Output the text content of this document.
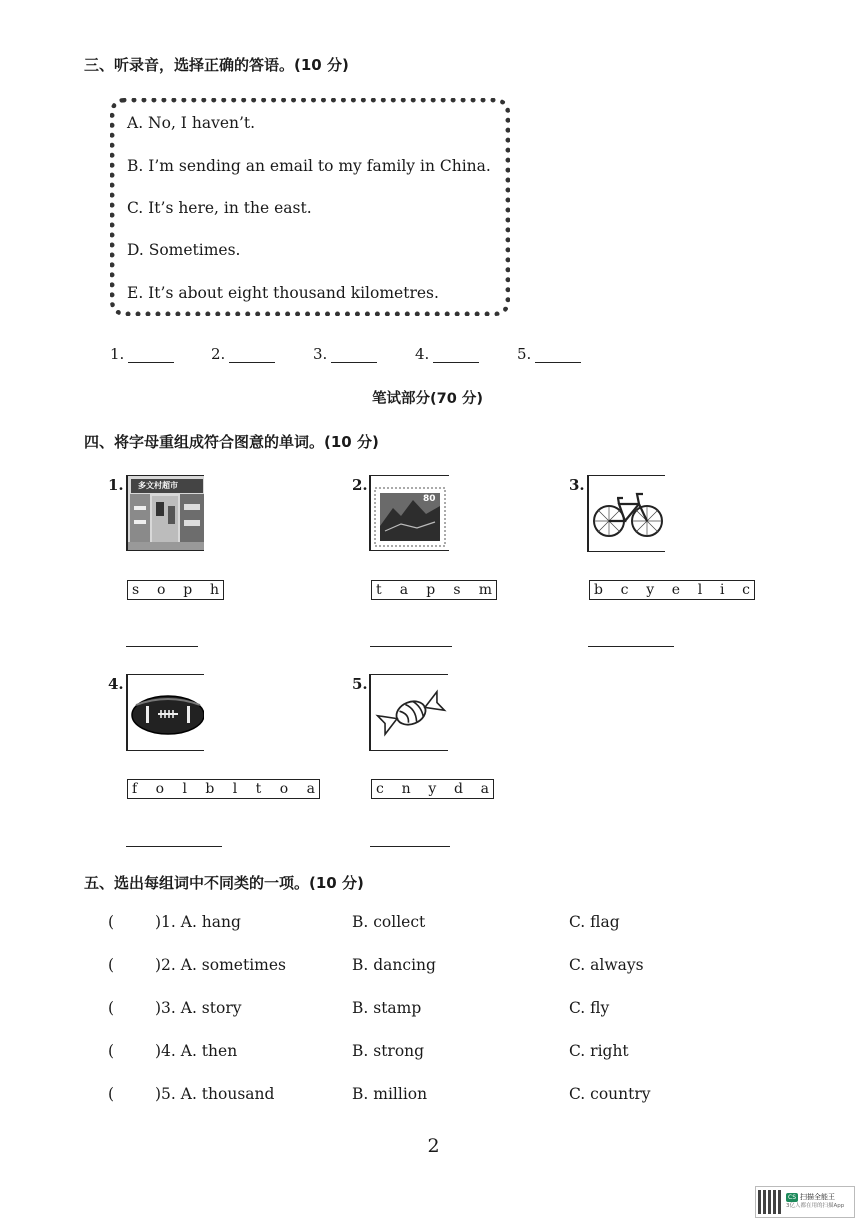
三、听录音，选择正确的答语。(10 分)
A. No, I haven’t.
B. I’m sending an email to my family in China.
C. It’s here, in the east.
D. Sometimes.
E. It’s about eight thousand kilometres.
1.	2.	3.	4.	5.
笔试部分(70 分)
四、将字母重组成符合图意的单词。(10 分)
1. 多文村超市
s o p h
2.
80
t a p s m
3.
b c y e l i c
4.
f o l b l t o a
5.
c n y d a
五、选出每组词中不同类的一项。(10 分)
(	)1. A. hang	B. collect	C. flag
(	)2. A. sometimes	B. dancing	C. always
(	)3. A. story	B. stamp	C. fly
(	)4. A. then	B. strong	C. right
(	)5. A. thousand	B. million	C. country
2
CS 扫描全能王
3亿人都在用的扫描App
